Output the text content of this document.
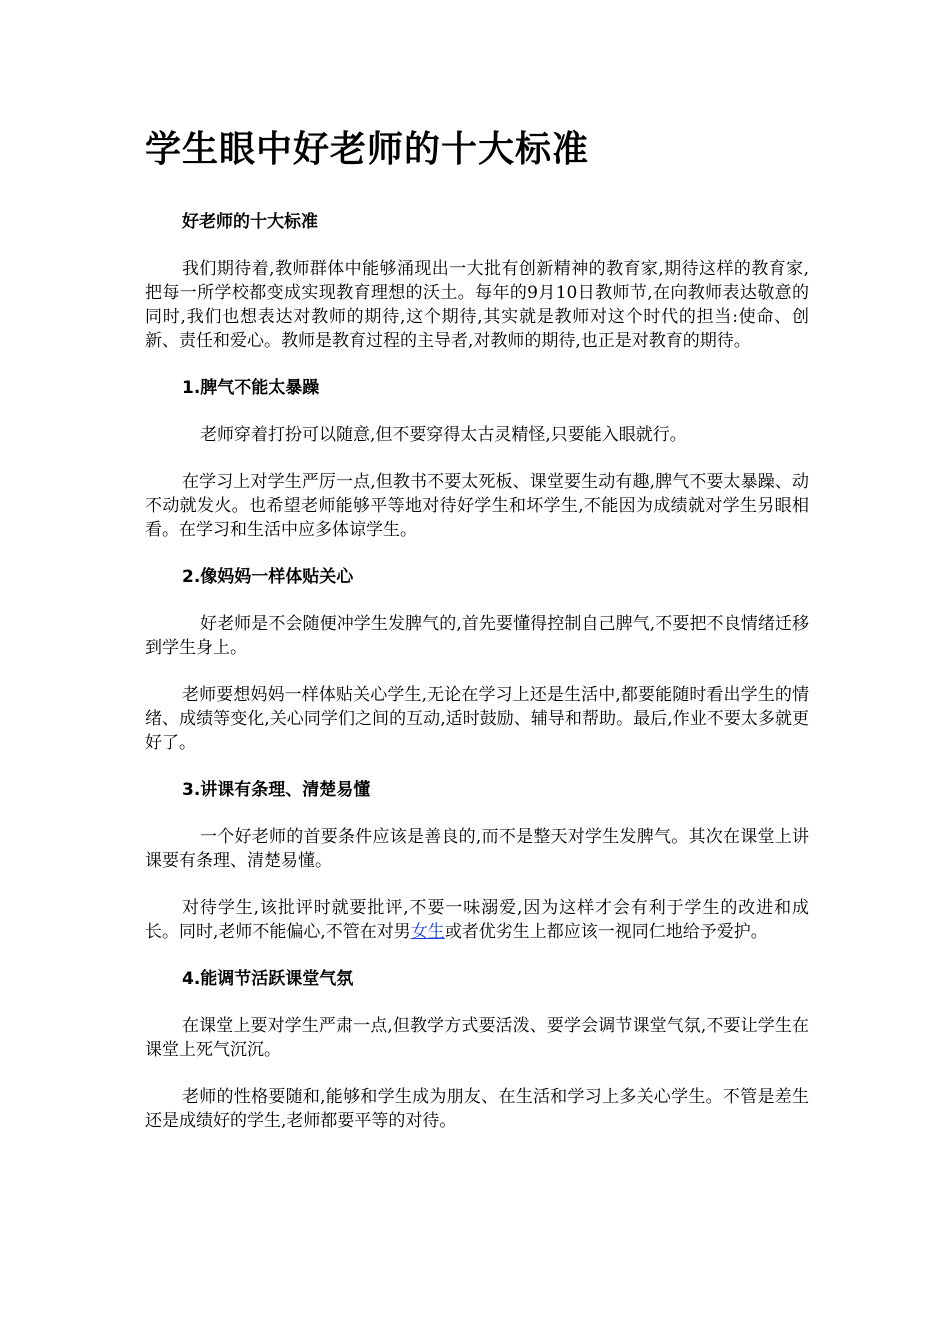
学生眼中好老师的十大标准
好老师的十大标准

我们期待着,教师群体中能够涌现出一大批有创新精神的教育家,期待这样的教育家,把每一所学校都变成实现教育理想的沃土。每年的9月10日教师节,在向教师表达敬意的同时,我们也想表达对教师的期待,这个期待,其实就是教师对这个时代的担当:使命、创新、责任和爱心。教师是教育过程的主导者,对教师的期待,也正是对教育的期待。

1.脾气不能太暴躁

老师穿着打扮可以随意,但不要穿得太古灵精怪,只要能入眼就行。

在学习上对学生严厉一点,但教书不要太死板、课堂要生动有趣,脾气不要太暴躁、动不动就发火。也希望老师能够平等地对待好学生和坏学生,不能因为成绩就对学生另眼相看。在学习和生活中应多体谅学生。

2.像妈妈一样体贴关心

好老师是不会随便冲学生发脾气的,首先要懂得控制自己脾气,不要把不良情绪迁移到学生身上。

老师要想妈妈一样体贴关心学生,无论在学习上还是生活中,都要能随时看出学生的情绪、成绩等变化,关心同学们之间的互动,适时鼓励、辅导和帮助。最后,作业不要太多就更好了。

3.讲课有条理、清楚易懂

一个好老师的首要条件应该是善良的,而不是整天对学生发脾气。其次在课堂上讲课要有条理、清楚易懂。

对待学生,该批评时就要批评,不要一味溺爱,因为这样才会有利于学生的改进和成长。同时,老师不能偏心,不管在对男女生或者优劣生上都应该一视同仁地给予爱护。

4.能调节活跃课堂气氛

在课堂上要对学生严肃一点,但教学方式要活泼、要学会调节课堂气氛,不要让学生在课堂上死气沉沉。

老师的性格要随和,能够和学生成为朋友、在生活和学习上多关心学生。不管是差生还是成绩好的学生,老师都要平等的对待。
